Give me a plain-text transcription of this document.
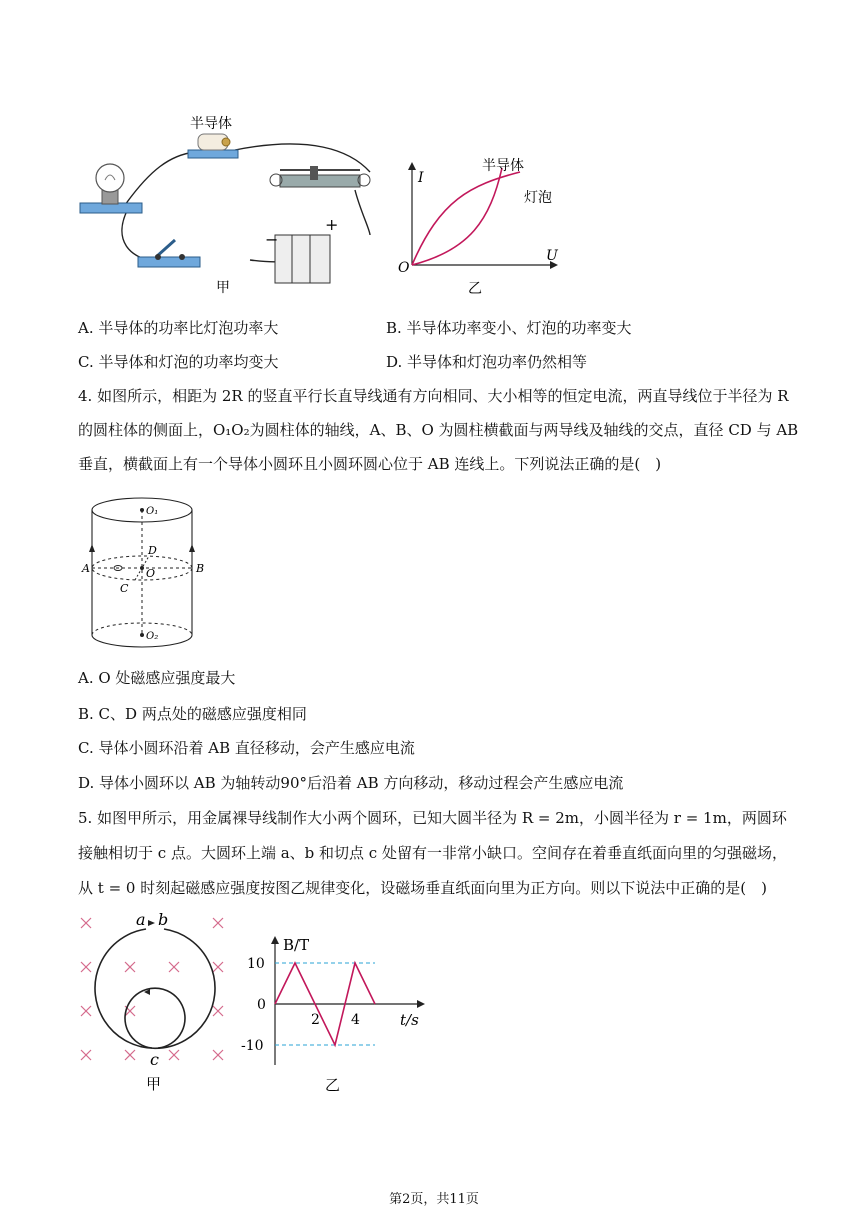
−
+
半导体
甲
I
U
O
半导体
灯泡
乙
A. 半导体的功率比灯泡功率大	B. 半导体功率变小、灯泡的功率变大
C. 半导体和灯泡的功率均变大	D. 半导体和灯泡功率仍然相等
4. 如图所示，相距为 2R 的竖直平行长直导线通有方向相同、大小相等的恒定电流，两直导线位于半径为 R
的圆柱体的侧面上，O₁O₂为圆柱体的轴线，A、B、O 为圆柱横截面与两导线及轴线的交点，直径 CD 与 AB
垂直，横截面上有一个导体小圆环且小圆环圆心位于 AB 连线上。下列说法正确的是(　)
O₁
O₂
O
A	B
C
D
A. O 处磁感应强度最大
B. C、D 两点处的磁感应强度相同
C. 导体小圆环沿着 AB 直径移动，会产生感应电流
D. 导体小圆环以 AB 为轴转动90°后沿着 AB 方向移动，移动过程会产生感应电流
5. 如图甲所示，用金属裸导线制作大小两个圆环，已知大圆半径为 R = 2m，小圆半径为 r = 1m，两圆环
接触相切于 c 点。大圆环上端 a、b 和切点 c 处留有一非常小缺口。空间存在着垂直纸面向里的匀强磁场，
从 t = 0 时刻起磁感应强度按图乙规律变化，设磁场垂直纸面向里为正方向。则以下说法中正确的是(　)
a b
c
甲
B/T
t/s
10
0
-10
2 4
乙
第2页，共11页
